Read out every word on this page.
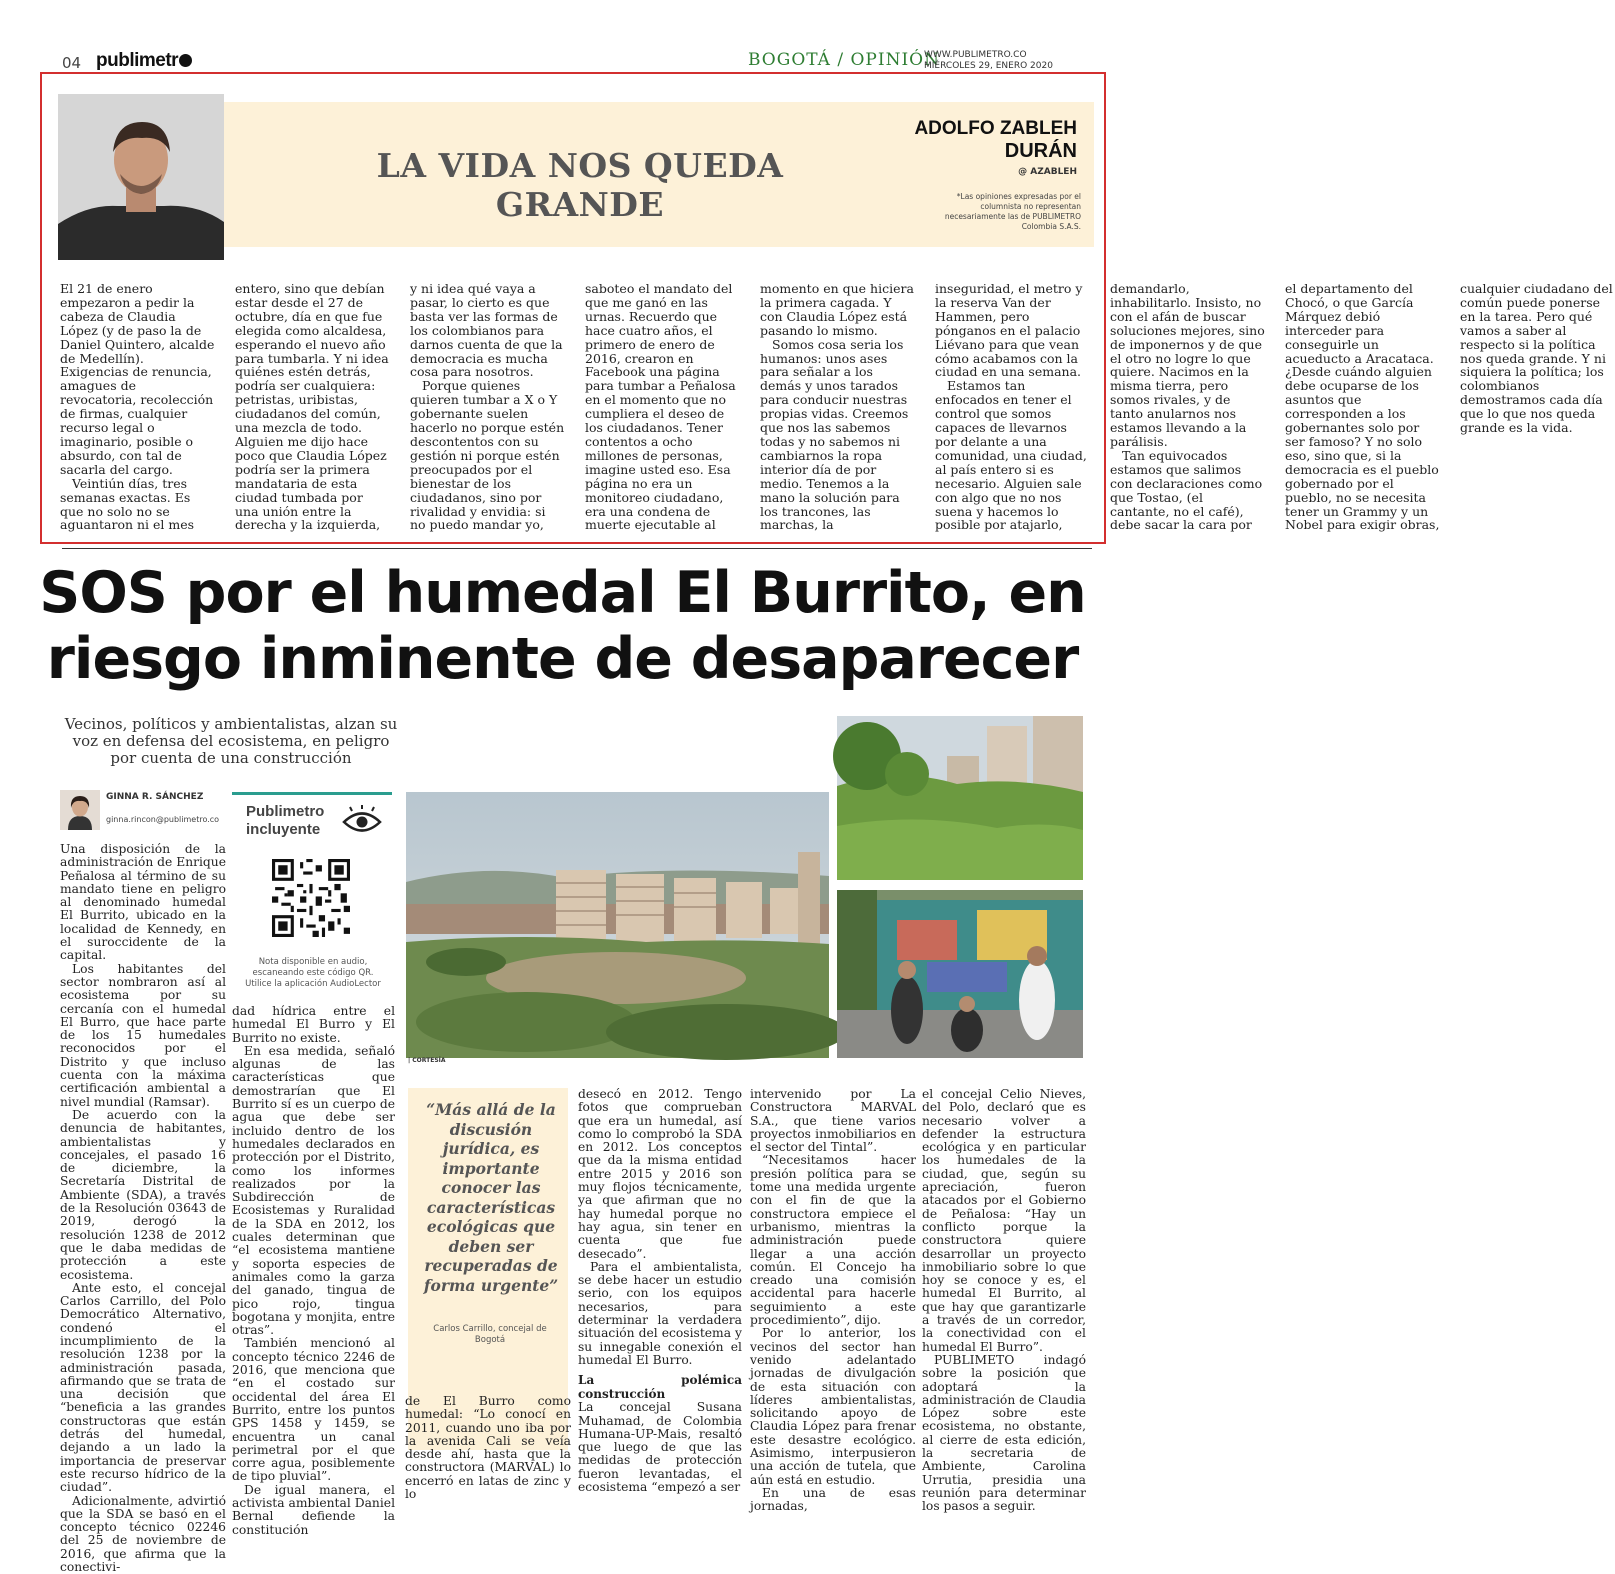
04 publimetr	BOGOTÁ / OPINIÓN
WWW.PUBLIMETRO.CO
MIÉRCOLES 29, ENERO 2020
LA VIDA NOS QUEDA GRANDE
ADOLFO ZABLEH
DURÁN
@ AZABLEH
*Las opiniones expresadas por el columnista no representan necesariamente las de PUBLIMETRO Colombia S.A.S.

El 21 de enero empezaron a pedir la cabeza de Claudia López (y de paso la de Daniel Quintero, alcalde de Medellín). Exigencias de renuncia, amagues de revocatoria, recolección de firmas, cualquier recurso legal o imaginario, posible o absurdo, con tal de sacarla del cargo.

Veintiún días, tres semanas exactas. Es que no solo no se aguantaron ni el mes entero, sino que debían estar desde el 27 de octubre, día en que fue elegida como alcaldesa, esperando el nuevo año para tumbarla. Y ni idea quiénes estén detrás, podría ser cualquiera: petristas, uribistas, ciudadanos del común, una mezcla de todo. Alguien me dijo hace poco que Claudia López podría ser la primera mandataria de esta ciudad tumbada por una unión entre la derecha y la izquierda, y ni idea qué vaya a pasar, lo cierto es que basta ver las formas de los colombianos para darnos cuenta de que la democracia es mucha cosa para nosotros.

Porque quienes quieren tumbar a X o Y gobernante suelen hacerlo no porque estén descontentos con su gestión ni porque estén preocupados por el bienestar de los ciudadanos, sino por rivalidad y envidia: si no puedo mandar yo, saboteo el mandato del que me ganó en las urnas. Recuerdo que hace cuatro años, el primero de enero de 2016, crearon en Facebook una página para tumbar a Peñalosa en el momento que no cumpliera el deseo de los ciudadanos. Tener contentos a ocho millones de personas, imagine usted eso. Esa página no era un monitoreo ciudadano, era una condena de muerte ejecutable al momento en que hiciera la primera cagada. Y con Claudia López está pasando lo mismo.

Somos cosa seria los humanos: unos ases para señalar a los demás y unos tarados para conducir nuestras propias vidas. Creemos que nos las sabemos todas y no sabemos ni cambiarnos la ropa interior día de por medio. Tenemos a la mano la solución para los trancones, las marchas, la inseguridad, el metro y la reserva Van der Hammen, pero pónganos en el palacio Liévano para que vean cómo acabamos con la ciudad en una semana.

Estamos tan enfocados en tener el control que somos capaces de llevarnos por delante a una comunidad, una ciudad, al país entero si es necesario. Alguien sale con algo que no nos suena y hacemos lo posible por atajarlo, demandarlo, inhabilitarlo. Insisto, no con el afán de buscar soluciones mejores, sino de imponernos y de que el otro no logre lo que quiere. Nacimos en la misma tierra, pero somos rivales, y de tanto anularnos nos estamos llevando a la parálisis.

Tan equivocados estamos que salimos con declaraciones como que Tostao, (el cantante, no el café), debe sacar la cara por el departamento del Chocó, o que García Márquez debió interceder para conseguirle un acueducto a Aracataca. ¿Desde cuándo alguien debe ocuparse de los asuntos que corresponden a los gobernantes solo por ser famoso? Y no solo eso, sino que, si la democracia es el pueblo gobernado por el pueblo, no se necesita tener un Grammy y un Nobel para exigir obras, cualquier ciudadano del común puede ponerse en la tarea. Pero qué vamos a saber al respecto si la política nos queda grande. Y ni siquiera la política; los colombianos demostramos cada día que lo que nos queda grande es la vida.

SOS por el humedal El Burrito, en riesgo inminente de desaparecer
Vecinos, políticos y ambientalistas, alzan su voz en defensa del ecosistema, en peligro por cuenta de una construcción
GINNA R. SÁNCHEZ
ginna.rincon@publimetro.co Publimetro incluyente
Nota disponible en audio, escaneando este código QR. Utilice la aplicación AudioLector

Una disposición de la administración de Enrique Peñalosa al término de su mandato tiene en peligro al denominado humedal El Burrito, ubicado en la localidad de Kennedy, en el suroccidente de la capital.

Los habitantes del sector nombraron así al ecosistema por su cercanía con el humedal El Burro, que hace parte de los 15 humedales reconocidos por el Distrito y que incluso cuenta con la máxima certificación ambiental a nivel mundial (Ramsar).

De acuerdo con la denuncia de habitantes, ambientalistas y concejales, el pasado 16 de diciembre, la Secretaría Distrital de Ambiente (SDA), a través de la Resolución 03643 de 2019, derogó la resolución 1238 de 2012 que le daba medidas de protección a este ecosistema.

Ante esto, el concejal Carlos Carrillo, del Polo Democrático Alternativo, condenó el incumplimiento de la resolución 1238 por la administración pasada, afirmando que se trata de una decisión que “beneficia a las grandes constructoras que están detrás del humedal, dejando a un lado la importancia de preservar este recurso hídrico de la ciudad”.

Adicionalmente, advirtió que la SDA se basó en el concepto técnico 02246 del 25 de noviembre de 2016, que afirma que la conectivi-

dad hídrica entre el humedal El Burro y El Burrito no existe.

En esa medida, señaló algunas de las características que demostrarían que El Burrito sí es un cuerpo de agua que debe ser incluido dentro de los humedales declarados en protección por el Distrito, como los informes realizados por la Subdirección de Ecosistemas y Ruralidad de la SDA en 2012, los cuales determinan que “el ecosistema mantiene y soporta especies de animales como la garza del ganado, tingua de pico rojo, tingua bogotana y monjita, entre otras”.

También mencionó al concepto técnico 2246 de 2016, que menciona que “en el costado sur occidental del área El Burrito, entre los puntos GPS 1458 y 1459, se encuentra un canal perimetral por el que corre agua, posiblemente de tipo pluvial”.

De igual manera, el activista ambiental Daniel Bernal defiende la constitución

| CORTESÍA
“Más allá de la discusión jurídica, es importante conocer las características ecológicas que deben ser recuperadas de forma urgente”
Carlos Carrillo, concejal de Bogotá

de El Burro como humedal: “Lo conocí en 2011, cuando uno iba por la avenida Cali se veía desde ahí, hasta que la constructora (MARVAL) lo encerró en latas de zinc y lo

desecó en 2012. Tengo fotos que comprueban que era un humedal, así como lo comprobó la SDA en 2012. Los conceptos que da la misma entidad entre 2015 y 2016 son muy flojos técnicamente, ya que afirman que no hay humedal porque no hay agua, sin tener en cuenta que fue desecado”.

Para el ambientalista, se debe hacer un estudio serio, con los equipos necesarios, para determinar la verdadera situación del ecosistema y su innegable conexión el humedal El Burro.

La polémica construcción

La concejal Susana Muhamad, de Colombia Humana-UP-Mais, resaltó que luego de que las medidas de protección fueron levantadas, el ecosistema “empezó a ser

intervenido por La Constructora MARVAL S.A., que tiene varios proyectos inmobiliarios en el sector del Tintal”.

“Necesitamos hacer presión política para se tome una medida urgente con el fin de que la constructora empiece el urbanismo, mientras la administración puede llegar a una acción común. El Concejo ha creado una comisión accidental para hacerle seguimiento a este procedimiento”, dijo.

Por lo anterior, los vecinos del sector han venido adelantado jornadas de divulgación de esta situación con líderes ambientalistas, solicitando apoyo de Claudia López para frenar este desastre ecológico. Asimismo, interpusieron una acción de tutela, que aún está en estudio.

En una de esas jornadas,

el concejal Celio Nieves, del Polo, declaró que es necesario volver a defender la estructura ecológica y en particular los humedales de la ciudad, que, según su apreciación, fueron atacados por el Gobierno de Peñalosa: “Hay un conflicto porque la constructora quiere desarrollar un proyecto inmobiliario sobre lo que hoy se conoce y es, el humedal El Burrito, al que hay que garantizarle a través de un corredor, la conectividad con el humedal El Burro”.

PUBLIMETO indagó sobre la posición que adoptará la administración de Claudia López sobre este ecosistema, no obstante, al cierre de esta edición, la secretaria de Ambiente, Carolina Urrutia, presidia una reunión para determinar los pasos a seguir.
